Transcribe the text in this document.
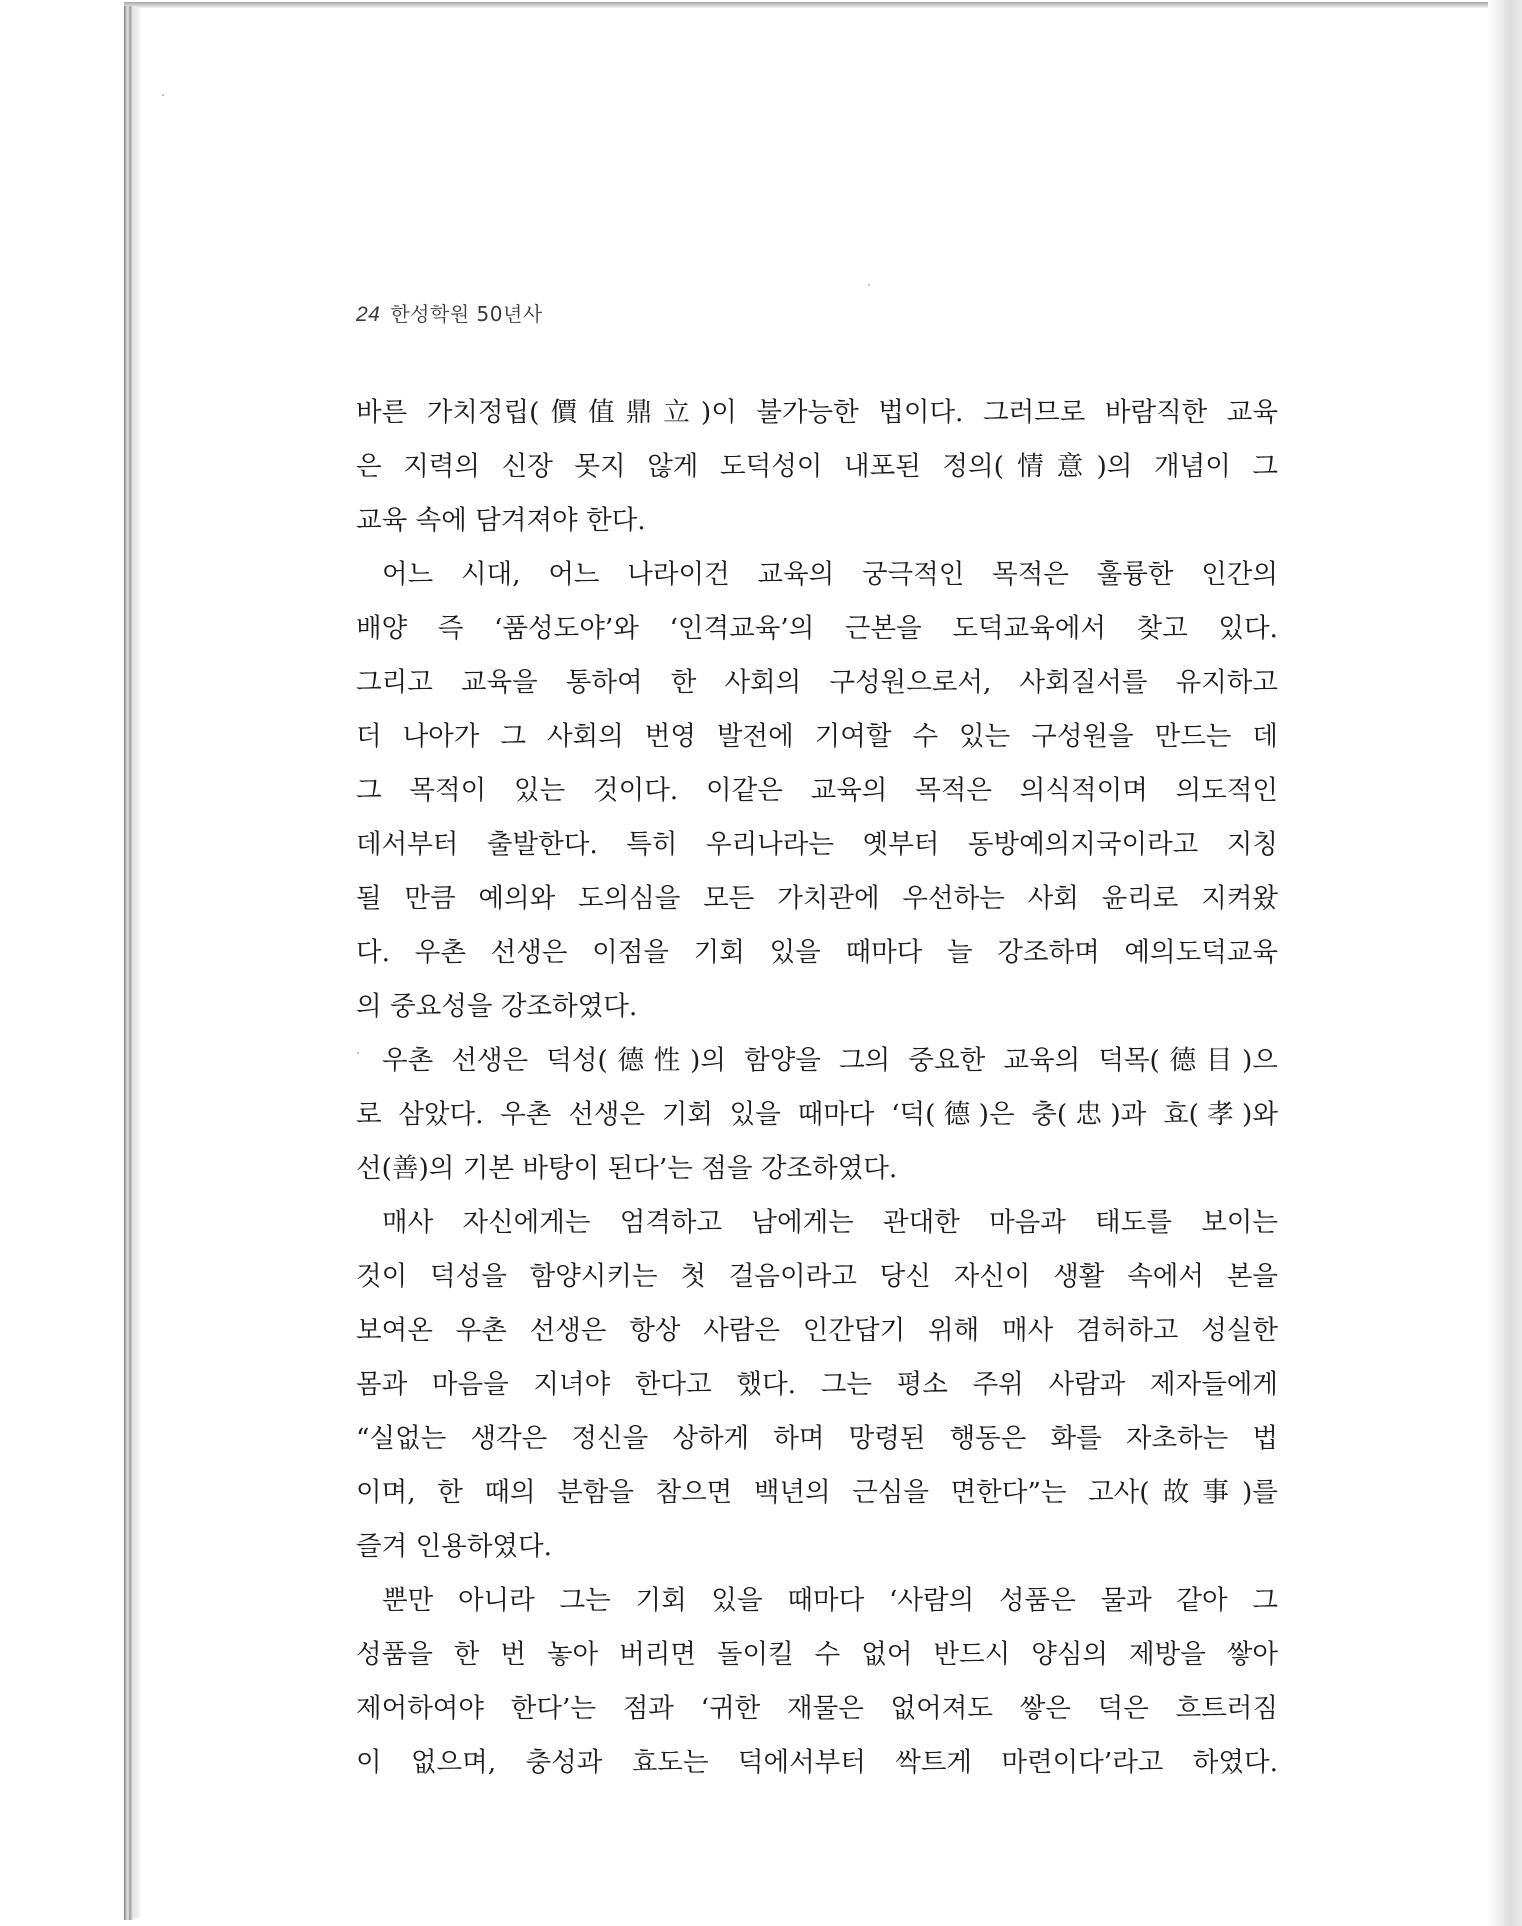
24 한성학원 50년사
바른 가치정립(價值鼎立)이 불가능한 법이다. 그러므로 바람직한 교육
은 지력의 신장 못지 않게 도덕성이 내포된 정의(情意)의 개념이 그
교육 속에 담겨져야 한다.
어느 시대, 어느 나라이건 교육의 궁극적인 목적은 훌륭한 인간의
배양 즉 ‘품성도야’와 ‘인격교육’의 근본을 도덕교육에서 찾고 있다.
그리고 교육을 통하여 한 사회의 구성원으로서, 사회질서를 유지하고
더 나아가 그 사회의 번영 발전에 기여할 수 있는 구성원을 만드는 데
그 목적이 있는 것이다. 이같은 교육의 목적은 의식적이며 의도적인
데서부터 출발한다. 특히 우리나라는 옛부터 동방예의지국이라고 지칭
될 만큼 예의와 도의심을 모든 가치관에 우선하는 사회 윤리로 지켜왔
다. 우촌 선생은 이점을 기회 있을 때마다 늘 강조하며 예의도덕교육
의 중요성을 강조하였다.
우촌 선생은 덕성(德性)의 함양을 그의 중요한 교육의 덕목(德目)으
로 삼았다. 우촌 선생은 기회 있을 때마다 ‘덕(德)은 충(忠)과 효(孝)와
선(善)의 기본 바탕이 된다’는 점을 강조하였다.
매사 자신에게는 엄격하고 남에게는 관대한 마음과 태도를 보이는
것이 덕성을 함양시키는 첫 걸음이라고 당신 자신이 생활 속에서 본을
보여온 우촌 선생은 항상 사람은 인간답기 위해 매사 겸허하고 성실한
몸과 마음을 지녀야 한다고 했다. 그는 평소 주위 사람과 제자들에게
“실없는 생각은 정신을 상하게 하며 망령된 행동은 화를 자초하는 법
이며, 한 때의 분함을 참으면 백년의 근심을 면한다”는 고사(故事)를
즐겨 인용하였다.
뿐만 아니라 그는 기회 있을 때마다 ‘사람의 성품은 물과 같아 그
성품을 한 번 놓아 버리면 돌이킬 수 없어 반드시 양심의 제방을 쌓아
제어하여야 한다’는 점과 ‘귀한 재물은 없어져도 쌓은 덕은 흐트러짐
이 없으며, 충성과 효도는 덕에서부터 싹트게 마련이다’라고 하였다.
